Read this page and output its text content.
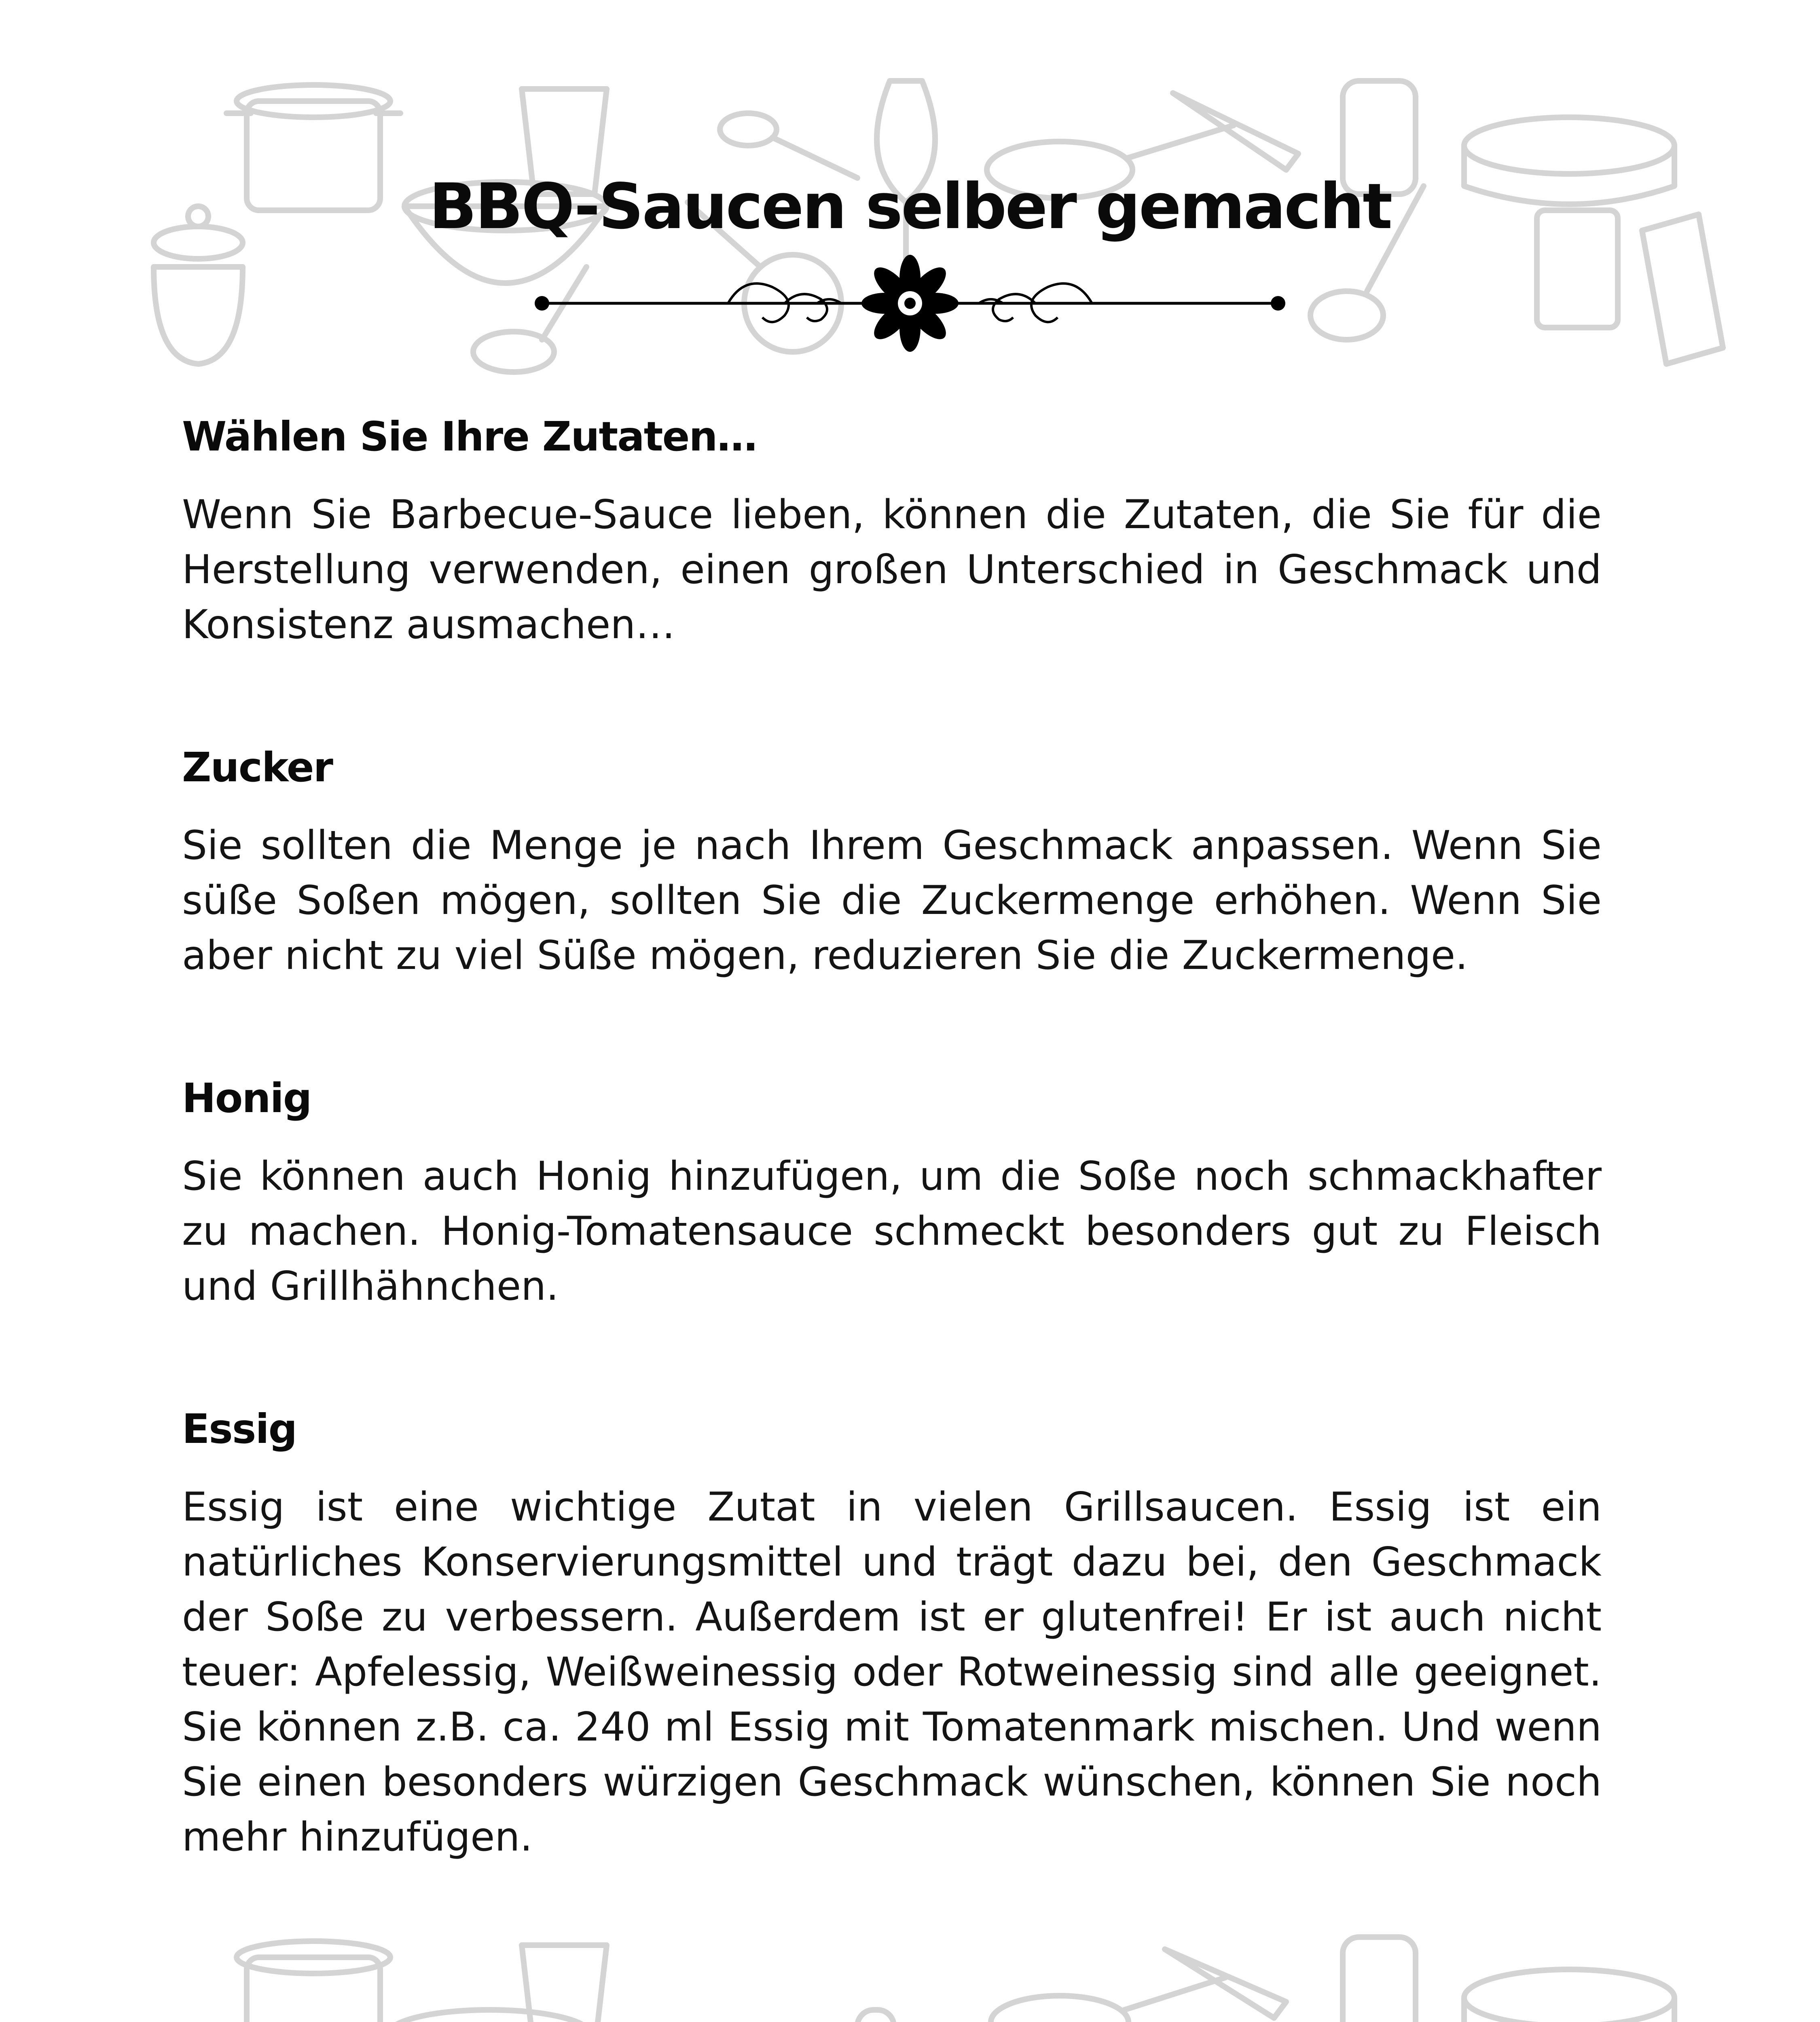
BBQ-Saucen selber gemacht
Wählen Sie Ihre Zutaten…

Wenn Sie Barbecue-Sauce lieben, können die Zutaten, die Sie für die Herstellung verwenden, einen großen Unterschied in Geschmack und Konsistenz ausmachen…

Zucker

Sie sollten die Menge je nach Ihrem Geschmack anpassen. Wenn Sie süße Soßen mögen, sollten Sie die Zuckermenge erhöhen. Wenn Sie aber nicht zu viel Süße mögen, reduzieren Sie die Zuckermenge.

Honig

Sie können auch Honig hinzufügen, um die Soße noch schmackhafter zu machen. Honig-Tomatensauce schmeckt besonders gut zu Fleisch und Grillhähnchen.

Essig

Essig ist eine wichtige Zutat in vielen Grillsaucen. Essig ist ein natürliches Konservierungsmittel und trägt dazu bei, den Geschmack der Soße zu verbessern. Außerdem ist er glutenfrei! Er ist auch nicht teuer: Apfelessig, Weißweinessig oder Rotweinessig sind alle geeignet. Sie können z.B. ca. 240 ml Essig mit Tomatenmark mischen. Und wenn Sie einen besonders würzigen Geschmack wünschen, können Sie noch mehr hinzufügen.
